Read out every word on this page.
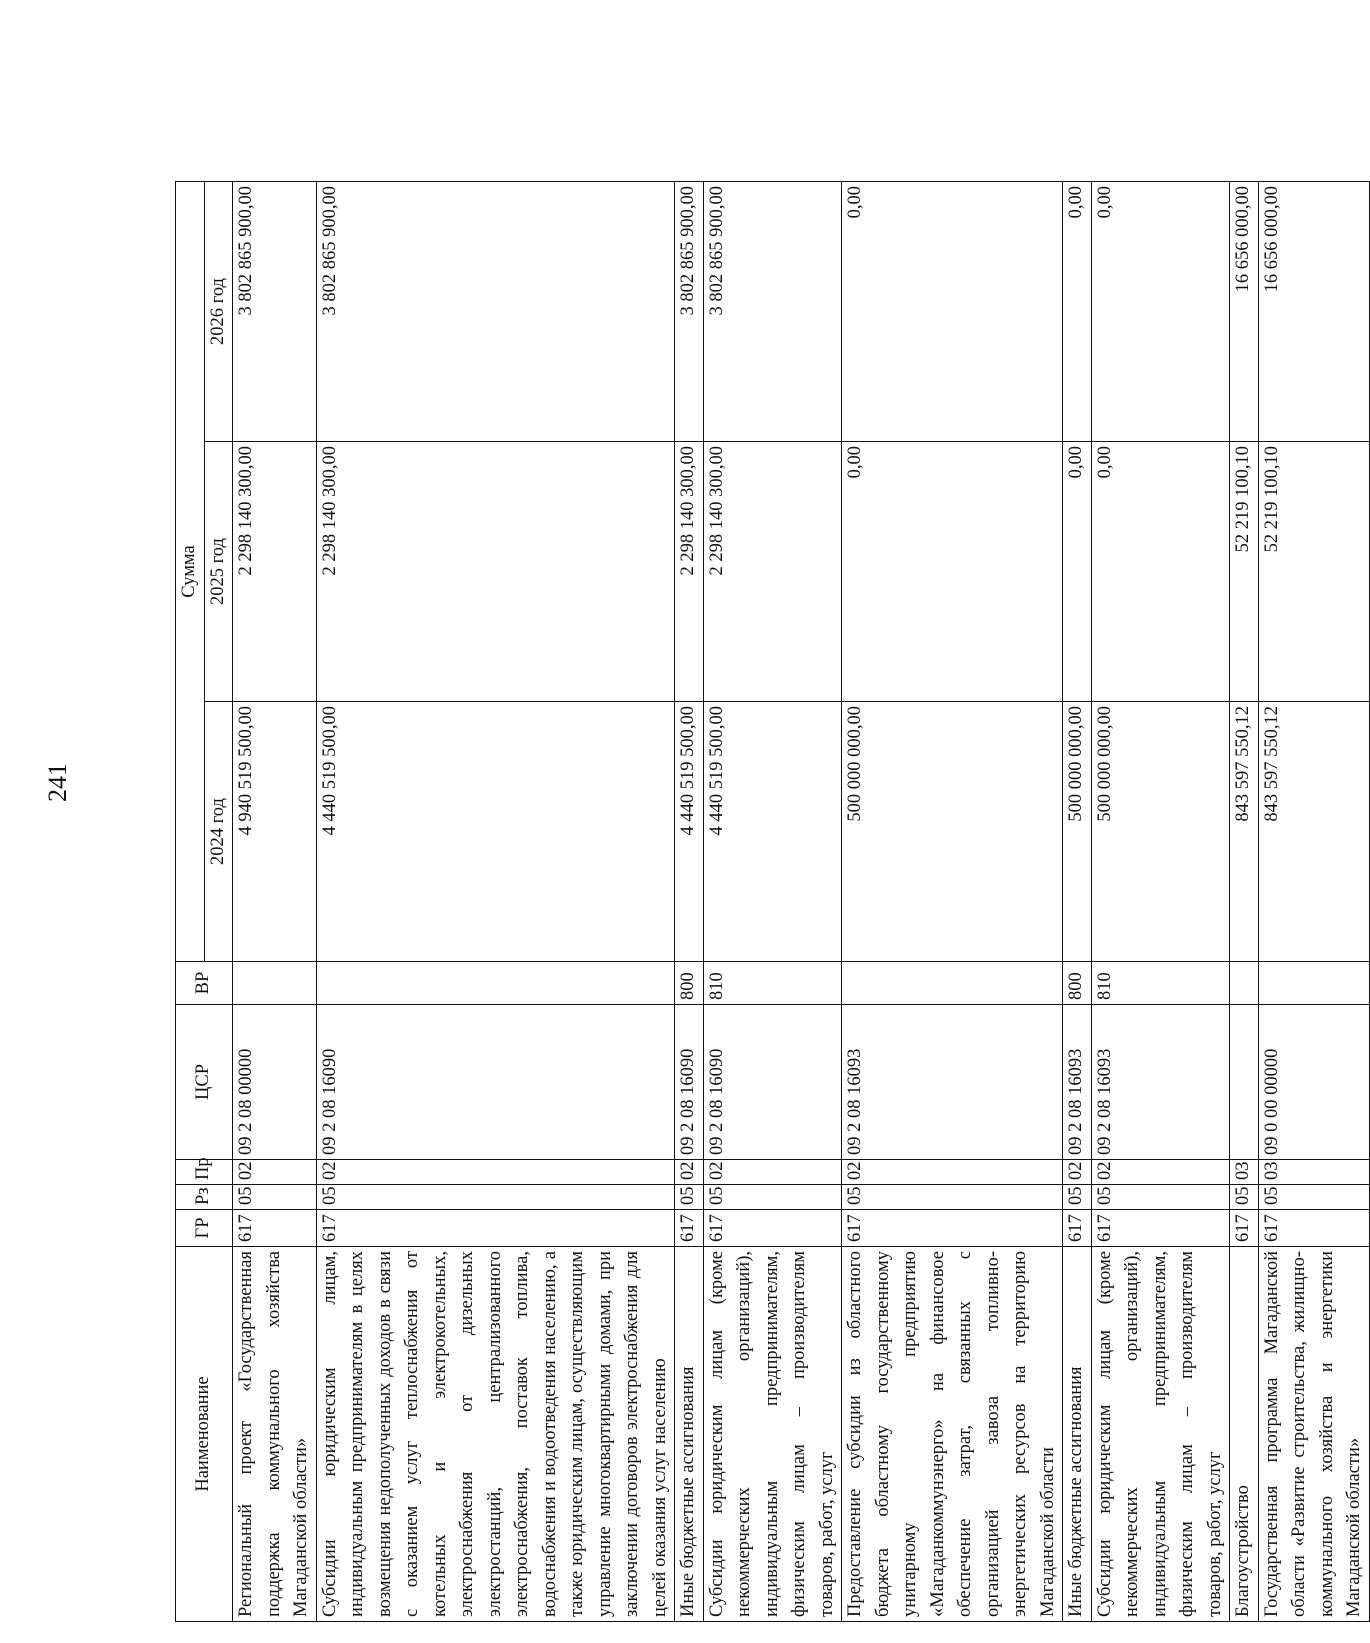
241
Наименование	ГР	Рз	Пр	ЦСР	ВР	Сумма		
						2024 год	2025 год	2026 год
Региональный проект «Государственная поддержка коммунального хозяйства Магаданской области»	617	05	02	09 2 08 00000		4 940 519 500,00	2 298 140 300,00	3 802 865 900,00
Субсидии юридическим лицам, индивидуальным предпринимателям в целях возмещения недополученных доходов в связи с оказанием услуг теплоснабжения от котельных и электрокотельных, электроснабжения от дизельных электростанций, централизованного электроснабжения, поставок топлива, водоснабжения и водоотведения населению, а также юридическим лицам, осуществляющим управление многоквартирными домами, при заключении договоров электроснабжения для целей оказания услуг населению	617	05	02	09 2 08 16090		4 440 519 500,00	2 298 140 300,00	3 802 865 900,00
Иные бюджетные ассигнования	617	05	02	09 2 08 16090	800	4 440 519 500,00	2 298 140 300,00	3 802 865 900,00
Субсидии юридическим лицам (кроме некоммерческих организаций), индивидуальным предпринимателям, физическим лицам – производителям товаров, работ, услуг	617	05	02	09 2 08 16090	810	4 440 519 500,00	2 298 140 300,00	3 802 865 900,00
Предоставление субсидии из областного бюджета областному государственному унитарному предприятию «Магаданкоммунэнерго» на финансовое обеспечение затрат, связанных с организацией завоза топливно-энергетических ресурсов на территорию Магаданской области	617	05	02	09 2 08 16093		500 000 000,00	0,00	0,00
Иные бюджетные ассигнования	617	05	02	09 2 08 16093	800	500 000 000,00	0,00	0,00
Субсидии юридическим лицам (кроме некоммерческих организаций), индивидуальным предпринимателям, физическим лицам – производителям товаров, работ, услуг	617	05	02	09 2 08 16093	810	500 000 000,00	0,00	0,00
Благоустройство	617	05	03			843 597 550,12	52 219 100,10	16 656 000,00
Государственная программа Магаданской области «Развитие строительства, жилищно-коммунального хозяйства и энергетики Магаданской области»	617	05	03	09 0 00 00000		843 597 550,12	52 219 100,10	16 656 000,00
